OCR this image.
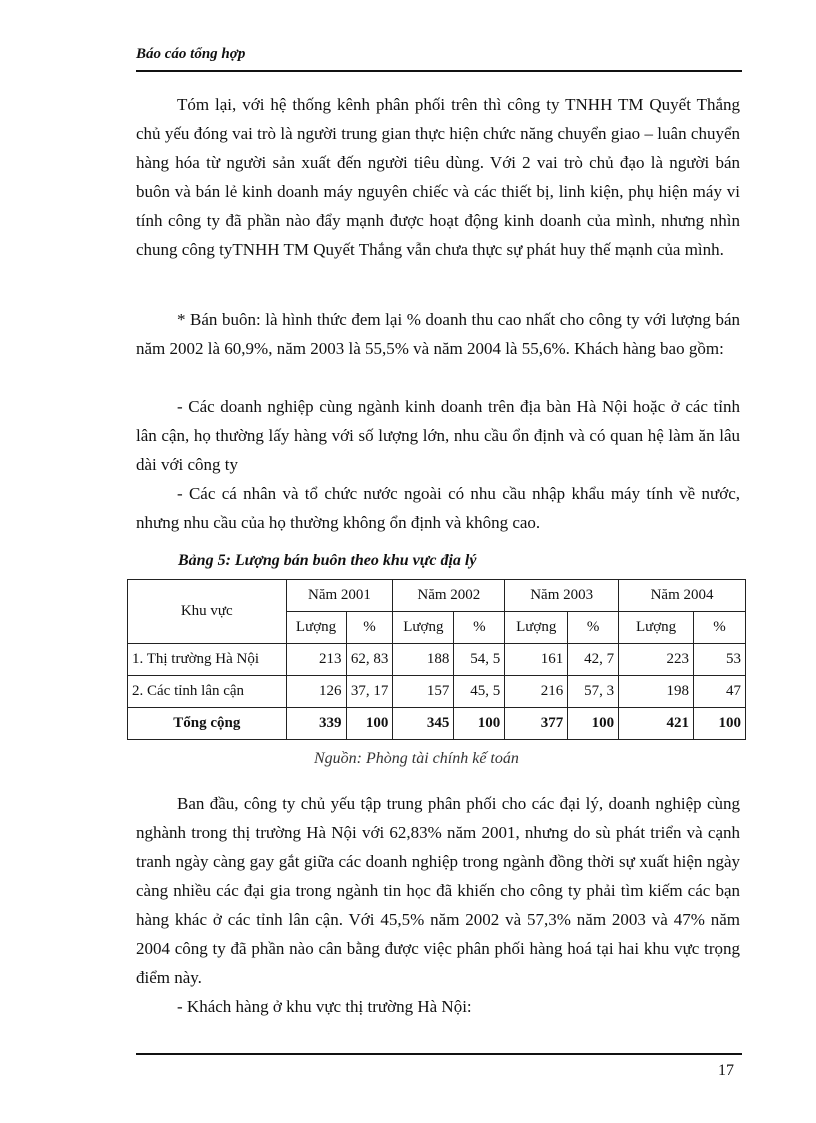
Báo cáo tổng hợp

Tóm lại, với hệ thống kênh phân phối trên thì công ty TNHH TM Quyết Thắng chủ yếu đóng vai trò là người trung gian thực hiện chức năng chuyển giao – luân chuyển hàng hóa từ người sản xuất đến người tiêu dùng. Với 2 vai trò chủ đạo là người bán buôn và bán lẻ kinh doanh máy nguyên chiếc và các thiết bị, linh kiện, phụ hiện máy vi tính công ty đã phần nào đẩy mạnh được hoạt động kinh doanh của mình, nhưng nhìn chung công tyTNHH TM Quyết Thắng vẫn chưa thực sự phát huy thế mạnh của mình.

* Bán buôn: là hình thức đem lại % doanh thu cao nhất cho công ty với lượng bán năm 2002 là 60,9%, năm 2003 là 55,5% và năm 2004 là 55,6%. Khách hàng bao gồm:

- Các doanh nghiệp cùng ngành kinh doanh trên địa bàn Hà Nội hoặc ở các tỉnh lân cận, họ thường lấy hàng với số lượng lớn, nhu cầu ổn định và có quan hệ làm ăn lâu dài với công ty

- Các cá nhân và tổ chức nước ngoài có nhu cầu nhập khẩu máy tính về nước, nhưng nhu cầu của họ thường không ổn định và không cao.

Bảng 5: Lượng bán buôn theo khu vực địa lý
Khu vực	Năm 2001		Năm 2002		Năm 2003		Năm 2004	
	Lượng	%	Lượng	%	Lượng	%	Lượng	%
1. Thị trường Hà Nội	213	62, 83	188	54, 5	161	42, 7	223	53
2. Các tỉnh lân cận	126	37, 17	157	45, 5	216	57, 3	198	47
Tổng cộng	339	100	345	100	377	100	421	100
Nguồn: Phòng tài chính kế toán

Ban đầu, công ty chủ yếu tập trung phân phối cho các đại lý, doanh nghiệp cùng nghành trong thị trường Hà Nội với 62,83% năm 2001, nhưng do sù phát triển và cạnh tranh ngày càng gay gắt giữa các doanh nghiệp trong ngành đồng thời sự xuất hiện ngày càng nhiều các đại gia trong ngành tin học đã khiến cho công ty phải tìm kiếm các bạn hàng khác ở các tỉnh lân cận. Với 45,5% năm 2002 và 57,3% năm 2003 và 47% năm 2004 công ty đã phần nào cân bằng được việc phân phối hàng hoá tại hai khu vực trọng điểm này.

- Khách hàng ở khu vực thị trường Hà Nội:

17
